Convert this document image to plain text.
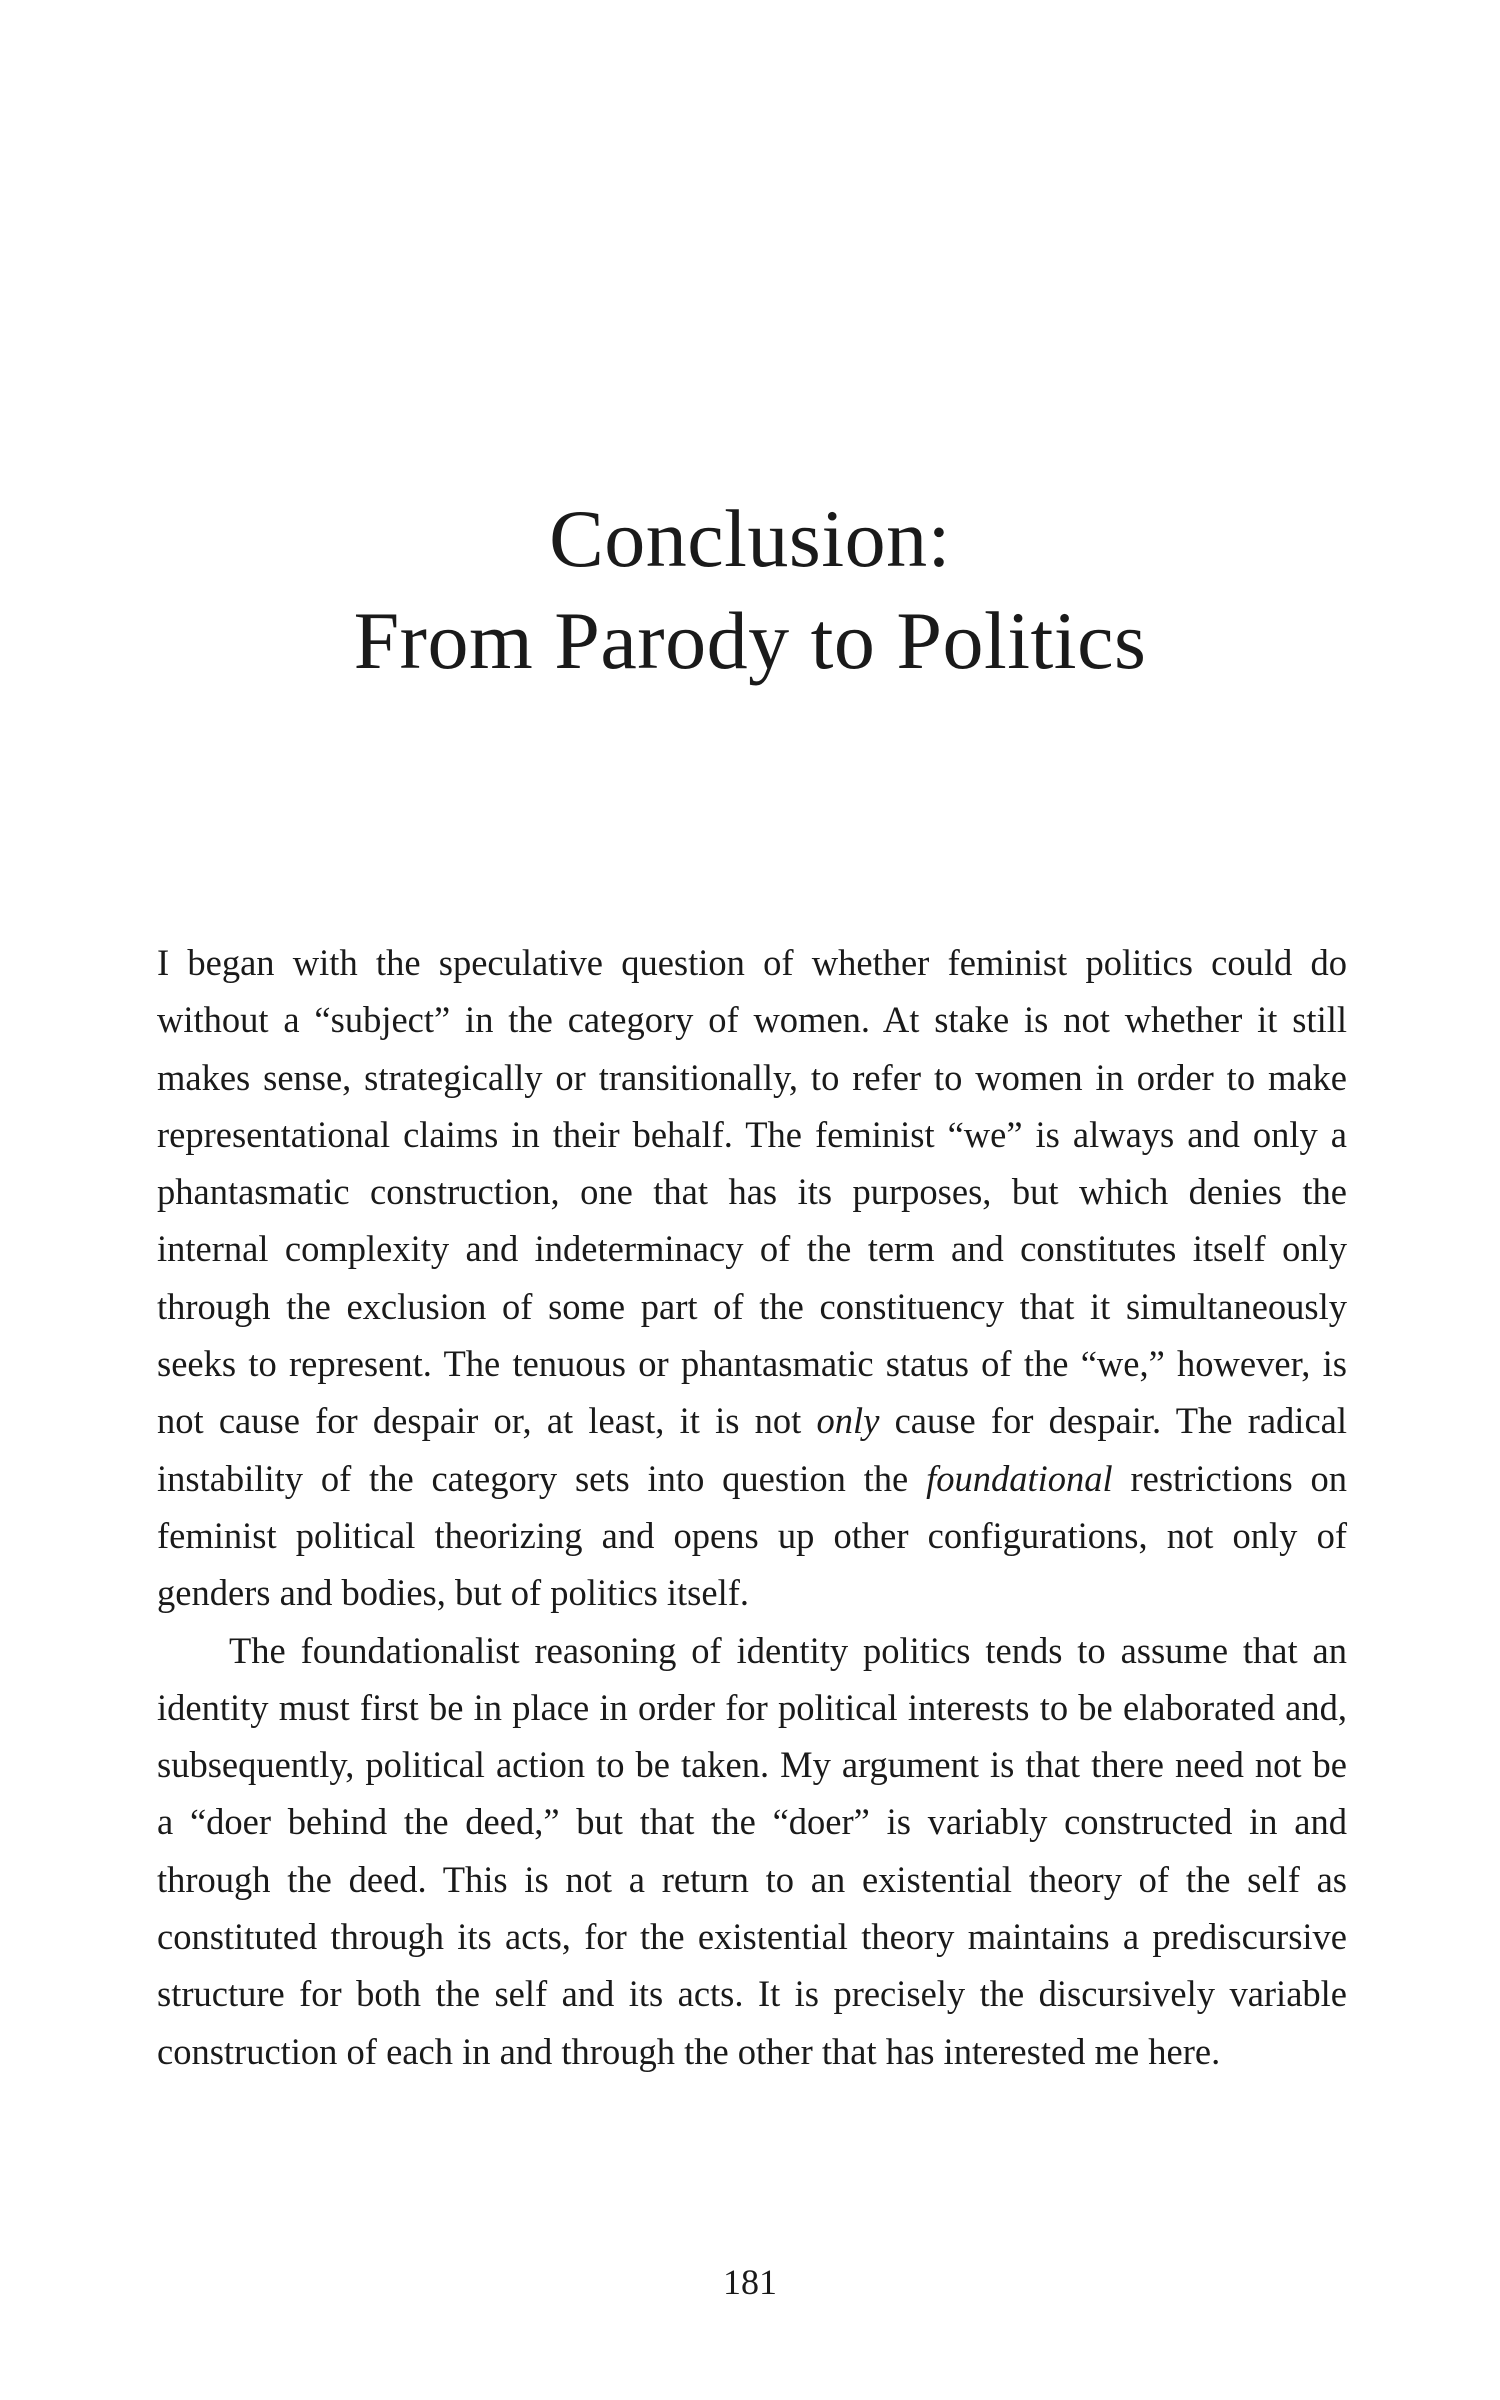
Conclusion:
From Parody to Politics

I began with the speculative question of whether feminist politics could do without a “subject” in the category of women. At stake is not whether it still makes sense, strategically or transitionally, to refer to women in order to make representational claims in their behalf. The feminist “we” is always and only a phantasmatic construction, one that has its purposes, but which denies the internal complexity and indeterminacy of the term and constitutes itself only through the exclusion of some part of the constituency that it simultaneously seeks to represent. The tenuous or phantasmatic status of the “we,” however, is not cause for despair or, at least, it is not only cause for despair. The radical instability of the category sets into question the foundational restrictions on feminist political theorizing and opens up other configurations, not only of genders and bodies, but of politics itself.

The foundationalist reasoning of identity politics tends to assume that an identity must first be in place in order for political interests to be elaborated and, subsequently, political action to be taken. My argument is that there need not be a “doer behind the deed,” but that the “doer” is variably constructed in and through the deed. This is not a return to an existential theory of the self as constituted through its acts, for the existential theory maintains a prediscursive structure for both the self and its acts. It is precisely the discursively variable construction of each in and through the other that has interested me here.

181
